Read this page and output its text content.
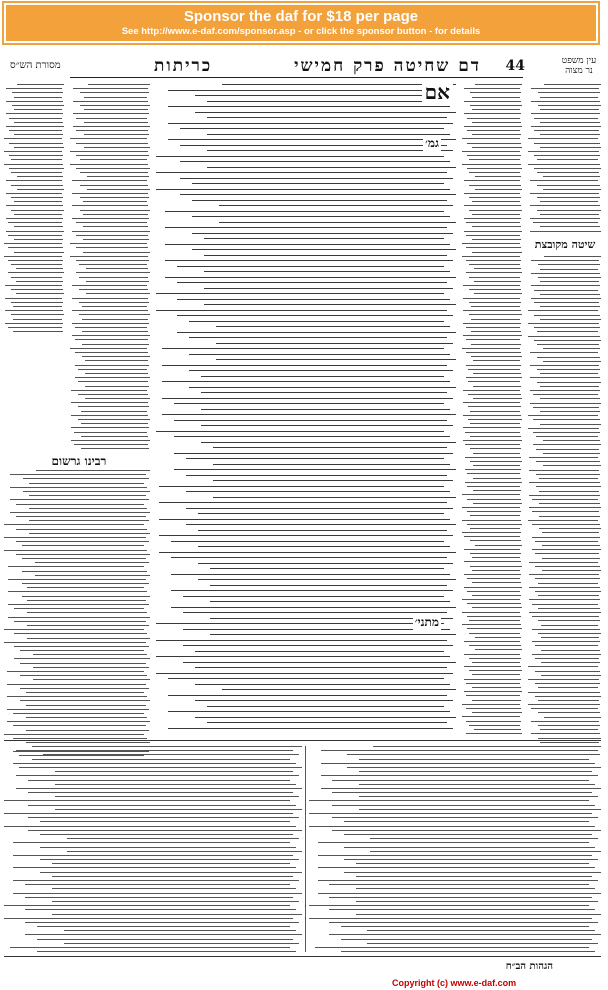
Sponsor the daf for $18 per page
See http://www.e-daf.com/sponsor.asp - or click the sponsor button - for details
עין משפט נר מצוה
44
דם שחיטה פרק חמישי
כריתות
מסורת הש״ס
רבינו גרשום
אם
גמ׳
מתני׳
שיטה מקובצת
הגהות הב״ח
Copyright (c) www.e-daf.com
